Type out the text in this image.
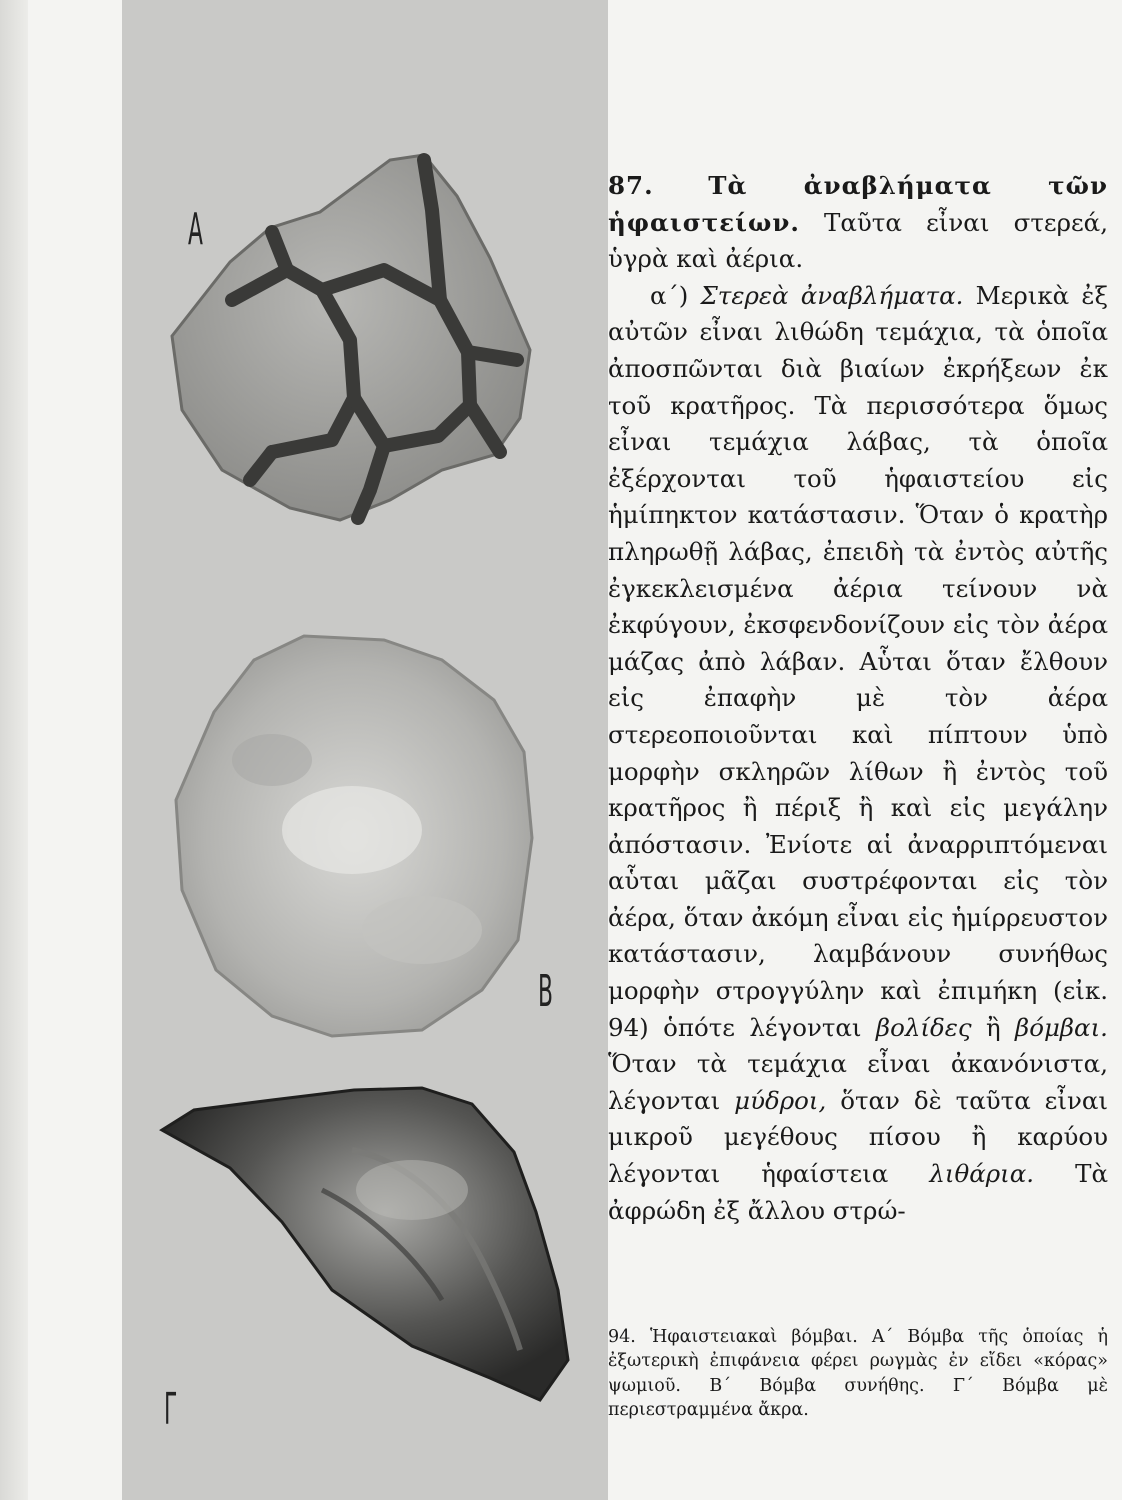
Α
Β
Γ

87. Τὰ ἀναβλήματα τῶν ἡφαιστείων. Ταῦτα εἶναι στερεά, ὑγρὰ καὶ ἀέρια.

α΄) Στερεὰ ἀναβλήματα. Μερικὰ ἐξ αὐτῶν εἶναι λιθώδη τεμάχια, τὰ ὁποῖα ἀποσπῶνται διὰ βιαίων ἐκρήξεων ἐκ τοῦ κρατῆρος. Τὰ περισσότερα ὅμως εἶναι τεμάχια λάβας, τὰ ὁποῖα ἐξέρχονται τοῦ ἡφαιστείου εἰς ἡμίπηκτον κατάστασιν. Ὅταν ὁ κρατὴρ πληρωθῇ λάβας, ἐπειδὴ τὰ ἐντὸς αὐτῆς ἐγκεκλεισμένα ἀέρια τείνουν νὰ ἐκφύγουν, ἐκσφενδονίζουν εἰς τὸν ἀέρα μάζας ἀπὸ λάβαν. Αὗται ὅταν ἔλθουν εἰς ἐπαφὴν μὲ τὸν ἀέρα στερεοποιοῦνται καὶ πίπτουν ὑπὸ μορφὴν σκληρῶν λίθων ἢ ἐντὸς τοῦ κρατῆρος ἢ πέριξ ἢ καὶ εἰς μεγάλην ἀπόστασιν. Ἐνίοτε αἱ ἀναρριπτόμεναι αὗται μᾶζαι συστρέφονται εἰς τὸν ἀέρα, ὅταν ἀκόμη εἶναι εἰς ἡμίρρευστον κατάστασιν, λαμβάνουν συνήθως μορφὴν στρογγύλην καὶ ἐπιμήκη (εἰκ. 94) ὁπότε λέγονται βολίδες ἢ βόμβαι. Ὅταν τὰ τεμάχια εἶναι ἀκανόνιστα, λέγονται μύδροι, ὅταν δὲ ταῦτα εἶναι μικροῦ μεγέθους πίσου ἢ καρύου λέγονται ἡφαίστεια λιθάρια. Τὰ ἀφρώδη ἐξ ἄλλου στρώ-

94. Ἡφαιστειακαὶ βόμβαι. Α΄ Βόμβα τῆς ὁποίας ἡ ἐξωτερικὴ ἐπιφάνεια φέρει ρωγμὰς ἐν εἴδει «κόρας» ψωμιοῦ. Β΄ Βόμβα συνήθης. Γ΄ Βόμβα μὲ περιεστραμμένα ἄκρα.
